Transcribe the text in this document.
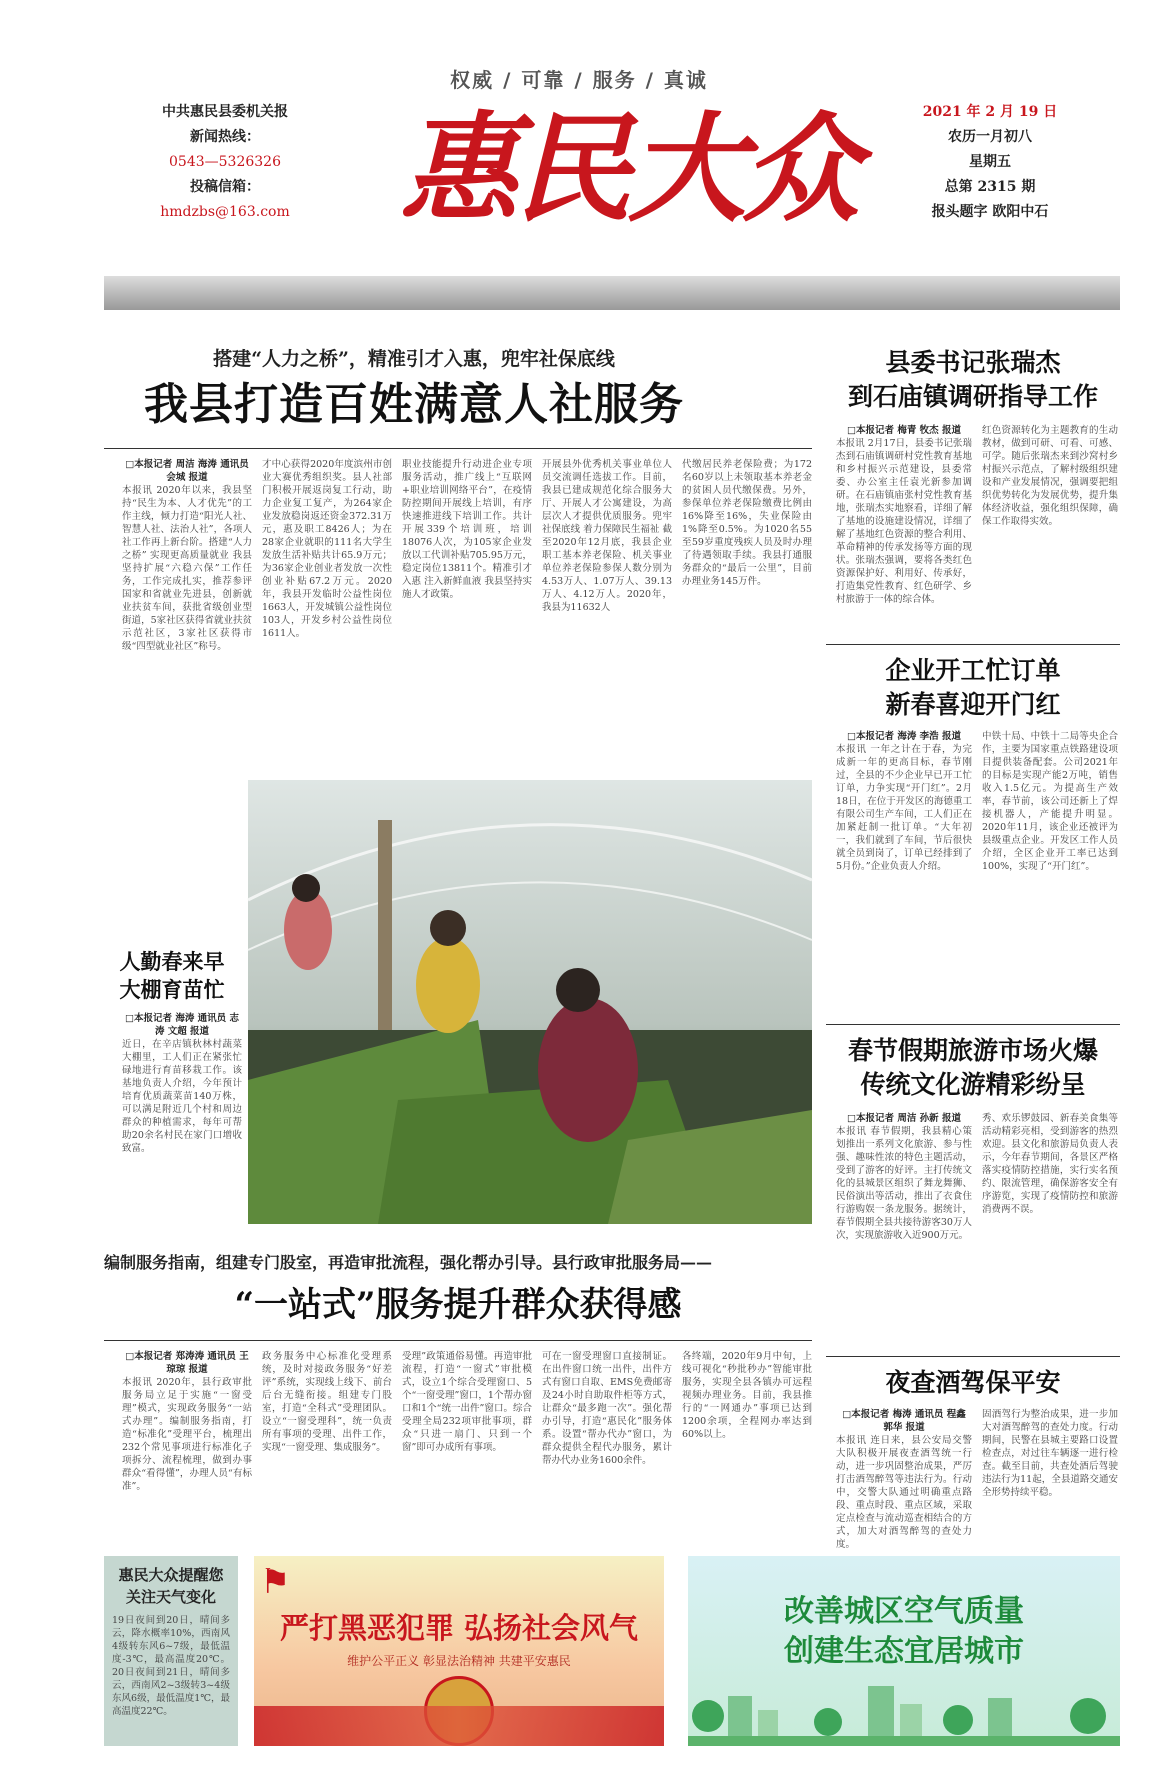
权威 / 可靠 / 服务 / 真诚
中共惠民县委机关报
新闻热线：
0543—5326326
投稿信箱：
hmdzbs@163.com 惠民大众	2021 年 2 月 19 日
农历一月初八
星期五
总第 2315 期
报头题字 欧阳中石
搭建“人力之桥”，精准引才入惠，兜牢社保底线
我县打造百姓满意人社服务
□本报记者 周洁 海涛 通讯员 会城 报道
本报讯 2020年以来，我县坚持“民生为本、人才优先”的工作主线，倾力打造“阳光人社、智慧人社、法治人社”，各项人社工作再上新台阶。搭建“人力之桥” 实现更高质量就业 我县坚持扩展“六稳六保”工作任务，工作完成扎实，推荐参评国家和省就业先进县，创新就业扶贫车间，获批省级创业型街道，5家社区获得省就业扶贫示范社区，3家社区获得市级“四型就业社区”称号。
才中心获得2020年度滨州市创业大赛优秀组织奖。县人社部门积极开展返岗复工行动，助力企业复工复产，为264家企业发放稳岗返还资金372.31万元，惠及职工8426人；为在28家企业就职的111名大学生发放生活补贴共计65.9万元；为36家企业创业者发放一次性创业补贴67.2万元。2020年，我县开发临时公益性岗位1663人，开发城镇公益性岗位103人，开发乡村公益性岗位1611人。
职业技能提升行动进企业专项服务活动，推广线上“互联网+职业培训网络平台”，在疫情防控期间开展线上培训，有序快速推进线下培训工作。共计开展339个培训班，培训18076人次，为105家企业发放以工代训补贴705.95万元，稳定岗位13811个。精准引才入惠 注入新鲜血液 我县坚持实施人才政策。
开展县外优秀机关事业单位人员交流调任选拔工作。目前，我县已建成规范化综合服务大厅、开展人才公寓建设，为高层次人才提供优质服务。兜牢社保底线 着力保障民生福祉 截至2020年12月底，我县企业职工基本养老保险、机关事业单位养老保险参保人数分别为4.53万人、1.07万人、39.13万人、4.12万人。2020年，我县为11632人
代缴居民养老保险费；为172名60岁以上未领取基本养老金的贫困人员代缴保费。另外，参保单位养老保险缴费比例由16%降至16%，失业保险由1%降至0.5%。为1020名55至59岁重度残疾人员及时办理了待遇领取手续。我县打通服务群众的“最后一公里”，目前办理业务145万件。
县委书记张瑞杰
到石庙镇调研指导工作
□本报记者 梅青 牧杰 报道
本报讯 2月17日，县委书记张瑞杰到石庙镇调研村党性教育基地和乡村振兴示范建设，县委常委、办公室主任袁光新参加调研。在石庙镇庙张村党性教育基地，张瑞杰实地察看，详细了解了基地的设施建设情况，详细了解了基地红色资源的整合利用、革命精神的传承发扬等方面的现状。张瑞杰强调，要将各类红色资源保护好、利用好、传承好，打造集党性教育、红色研学、乡村旅游于一体的综合体。
红色资源转化为主题教育的生动教材，做到可研、可看、可感、可学。随后张瑞杰来到沙窝村乡村振兴示范点，了解村级组织建设和产业发展情况，强调要把组织优势转化为发展优势，提升集体经济收益，强化组织保障，确保工作取得实效。
企业开工忙订单
新春喜迎开门红
□本报记者 海涛 李浩 报道
本报讯 一年之计在于春，为完成新一年的更高目标，春节刚过，全县的不少企业早已开工忙订单，力争实现“开门红”。2月18日，在位于开发区的海德重工有限公司生产车间，工人们正在加紧赶制一批订单。“大年初一，我们就到了车间，节后很快就全员到岗了，订单已经排到了5月份。”企业负责人介绍。
中铁十局、中铁十二局等央企合作，主要为国家重点铁路建设项目提供装备配套。公司2021年的目标是实现产能2万吨，销售收入1.5亿元。为提高生产效率，春节前，该公司还新上了焊接机器人，产能提升明显。2020年11月，该企业还被评为县级重点企业。开发区工作人员介绍，全区企业开工率已达到100%，实现了“开门红”。
春节假期旅游市场火爆
传统文化游精彩纷呈
□本报记者 周洁 孙新 报道
本报讯 春节假期，我县精心策划推出一系列文化旅游、参与性强、趣味性浓的特色主题活动，受到了游客的好评。主打传统文化的县城景区组织了舞龙舞狮、民俗演出等活动，推出了衣食住行游购娱一条龙服务。据统计，春节假期全县共接待游客30万人次，实现旅游收入近900万元。
秀、欢乐锣鼓园、新春美食集等活动精彩亮相，受到游客的热烈欢迎。县文化和旅游局负责人表示，今年春节期间，各景区严格落实疫情防控措施，实行实名预约、限流管理，确保游客安全有序游览，实现了疫情防控和旅游消费两不误。
夜查酒驾保平安
□本报记者 梅涛 通讯员 程鑫 郭华 报道
本报讯 连日来，县公安局交警大队积极开展夜查酒驾统一行动，进一步巩固整治成果，严厉打击酒驾醉驾等违法行为。行动中，交警大队通过明确重点路段、重点时段、重点区域，采取定点检查与流动巡查相结合的方式，加大对酒驾醉驾的查处力度。
固酒驾行为整治成果，进一步加大对酒驾醉驾的查处力度。行动期间，民警在县城主要路口设置检查点，对过往车辆逐一进行检查。截至目前，共查处酒后驾驶违法行为11起，全县道路交通安全形势持续平稳。
人勤春来早
大棚育苗忙
□本报记者 海涛 通讯员 志涛 文超 报道
近日，在辛店镇秋林村蔬菜大棚里，工人们正在紧张忙碌地进行育苗移栽工作。该基地负责人介绍，今年预计培育优质蔬菜苗140万株，可以满足附近几个村和周边群众的种植需求，每年可帮助20余名村民在家门口增收致富。
编制服务指南，组建专门股室，再造审批流程，强化帮办引导。县行政审批服务局——
“一站式”服务提升群众获得感
□本报记者 郑涛涛 通讯员 王琼琼 报道
本报讯 2020年，县行政审批服务局立足于实施“一窗受理”模式，实现政务服务“一站式办理”。编制服务指南，打造“标准化”受理平台，梳理出232个常见事项进行标准化子项拆分、流程梳理，做到办事群众“看得懂”，办理人员“有标准”。
政务服务中心标准化受理系统，及时对接政务服务“好差评”系统，实现线上线下、前台后台无缝衔接。组建专门股室，打造“全科式”受理团队。设立“一窗受理科”，统一负责所有事项的受理、出件工作，实现“一窗受理、集成服务”。
受理”政策通俗易懂。再造审批流程，打造“一窗式”审批模式，设立1个综合受理窗口、5个“一窗受理”窗口，1个帮办窗口和1个“统一出件”窗口。综合受理全局232项审批事项，群众“只进一扇门、只到一个窗”即可办成所有事项。
可在一窗受理窗口直接制证。在出件窗口统一出件，出件方式有窗口自取、EMS免费邮寄及24小时自助取件柜等方式，让群众“最多跑一次”。强化帮办引导，打造“惠民化”服务体系。设置“帮办代办”窗口，为群众提供全程代办服务，累计帮办代办业务1600余件。
各终端，2020年9月中旬，上线可视化“秒批秒办”智能审批服务，实现全县各镇办可远程视频办理业务。目前，我县推行的“一网通办”事项已达到1200余项，全程网办率达到60%以上。
惠民大众提醒您 关注天气变化
19日夜间到20日，晴间多云，降水概率10%，西南风4级转东风6~7级，最低温度-3℃，最高温度20℃。20日夜间到21日，晴间多云，西南风2~3级转3~4级东风6级，最低温度1℃，最高温度22℃。
⚑
严打黑恶犯罪 弘扬社会风气
维护公平正义 彰显法治精神 共建平安惠民
改善城区空气质量
创建生态宜居城市
